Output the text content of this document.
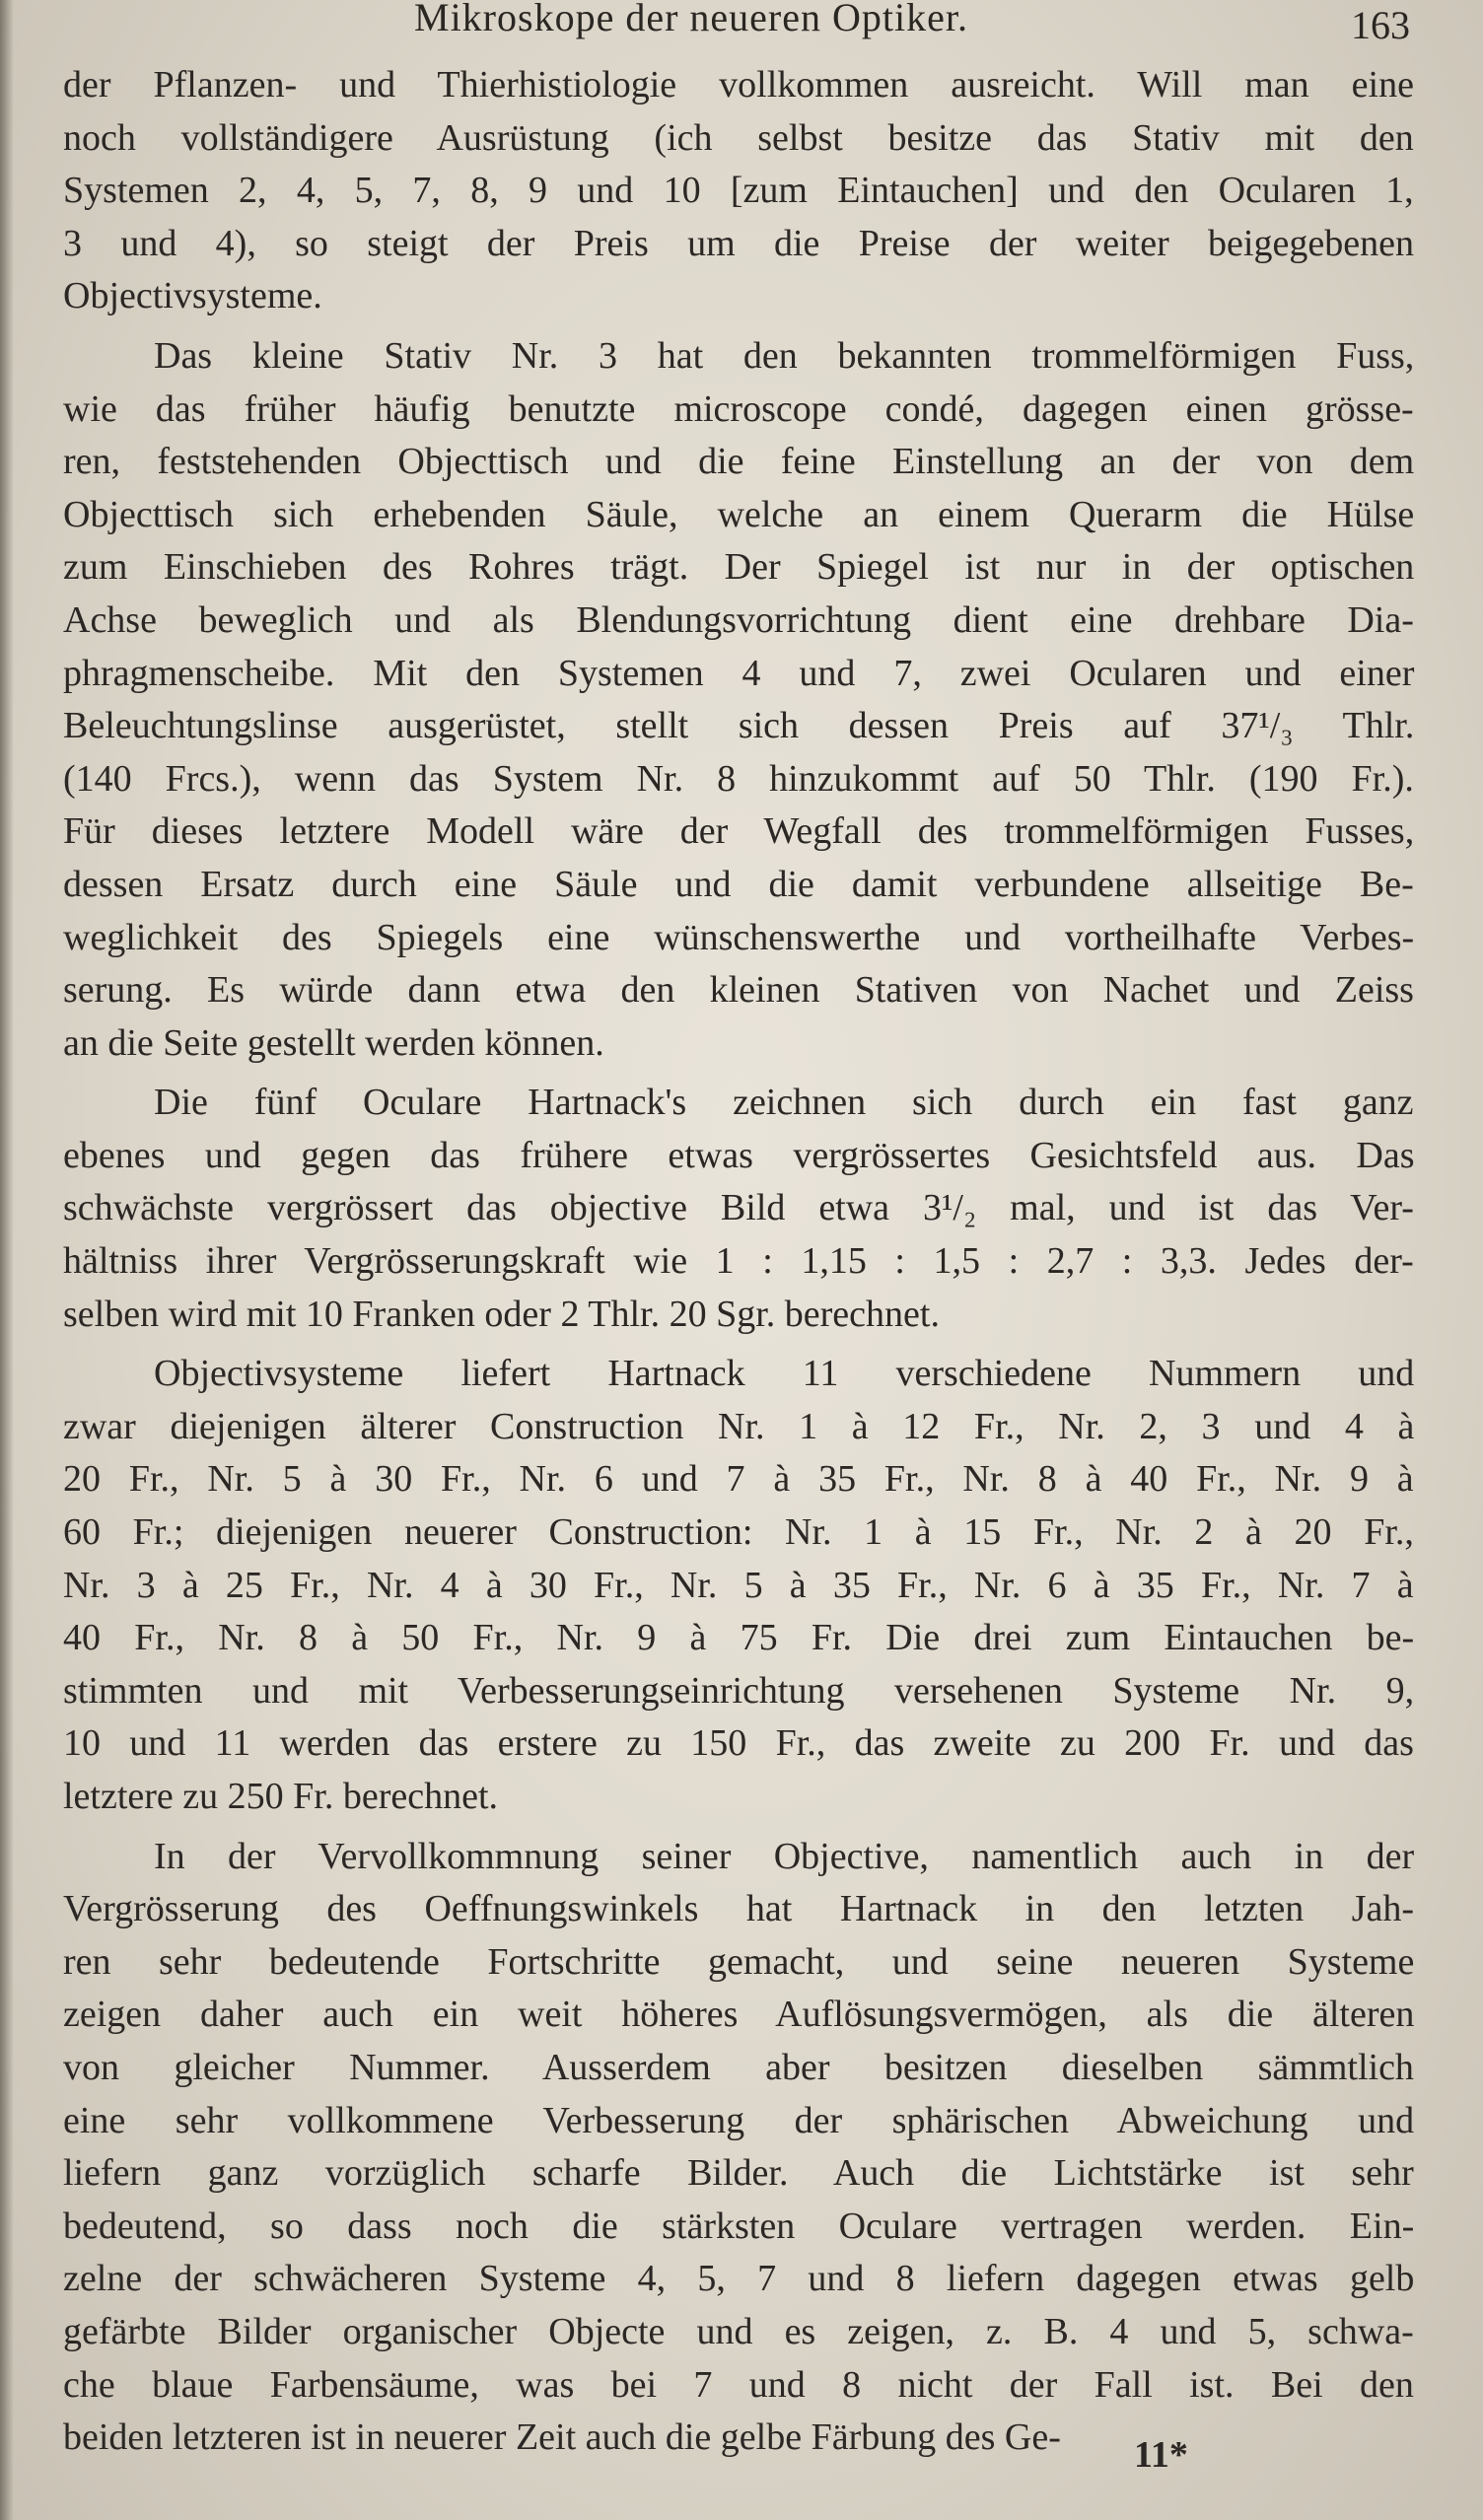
Mikroskope der neueren Optiker.	163
der Pflanzen- und Thierhistiologie vollkommen ausreicht. Will man eine
noch vollständigere Ausrüstung (ich selbst besitze das Stativ mit den
Systemen 2, 4, 5, 7, 8, 9 und 10 [zum Eintauchen] und den Ocularen 1,
3 und 4), so steigt der Preis um die Preise der weiter beigegebenen
Objectivsysteme.
Das kleine Stativ Nr. 3 hat den bekannten trommelförmigen Fuss,
wie das früher häufig benutzte microscope condé, dagegen einen grösse-
ren, feststehenden Objecttisch und die feine Einstellung an der von dem
Objecttisch sich erhebenden Säule, welche an einem Querarm die Hülse
zum Einschieben des Rohres trägt. Der Spiegel ist nur in der optischen
Achse beweglich und als Blendungsvorrichtung dient eine drehbare Dia-
phragmenscheibe. Mit den Systemen 4 und 7, zwei Ocularen und einer
Beleuchtungslinse ausgerüstet, stellt sich dessen Preis auf 37¹/₃ Thlr.
(140 Frcs.), wenn das System Nr. 8 hinzukommt auf 50 Thlr. (190 Fr.).
Für dieses letztere Modell wäre der Wegfall des trommelförmigen Fusses,
dessen Ersatz durch eine Säule und die damit verbundene allseitige Be-
weglichkeit des Spiegels eine wünschenswerthe und vortheilhafte Verbes-
serung. Es würde dann etwa den kleinen Stativen von Nachet und Zeiss
an die Seite gestellt werden können.
Die fünf Oculare Hartnack's zeichnen sich durch ein fast ganz
ebenes und gegen das frühere etwas vergrössertes Gesichtsfeld aus. Das
schwächste vergrössert das objective Bild etwa 3¹/₂ mal, und ist das Ver-
hältniss ihrer Vergrösserungskraft wie 1 : 1,15 : 1,5 : 2,7 : 3,3. Jedes der-
selben wird mit 10 Franken oder 2 Thlr. 20 Sgr. berechnet.
Objectivsysteme liefert Hartnack 11 verschiedene Nummern und
zwar diejenigen älterer Construction Nr. 1 à 12 Fr., Nr. 2, 3 und 4 à
20 Fr., Nr. 5 à 30 Fr., Nr. 6 und 7 à 35 Fr., Nr. 8 à 40 Fr., Nr. 9 à
60 Fr.; diejenigen neuerer Construction: Nr. 1 à 15 Fr., Nr. 2 à 20 Fr.,
Nr. 3 à 25 Fr., Nr. 4 à 30 Fr., Nr. 5 à 35 Fr., Nr. 6 à 35 Fr., Nr. 7 à
40 Fr., Nr. 8 à 50 Fr., Nr. 9 à 75 Fr. Die drei zum Eintauchen be-
stimmten und mit Verbesserungseinrichtung versehenen Systeme Nr. 9,
10 und 11 werden das erstere zu 150 Fr., das zweite zu 200 Fr. und das
letztere zu 250 Fr. berechnet.
In der Vervollkommnung seiner Objective, namentlich auch in der
Vergrösserung des Oeffnungswinkels hat Hartnack in den letzten Jah-
ren sehr bedeutende Fortschritte gemacht, und seine neueren Systeme
zeigen daher auch ein weit höheres Auflösungsvermögen, als die älteren
von gleicher Nummer. Ausserdem aber besitzen dieselben sämmtlich
eine sehr vollkommene Verbesserung der sphärischen Abweichung und
liefern ganz vorzüglich scharfe Bilder. Auch die Lichtstärke ist sehr
bedeutend, so dass noch die stärksten Oculare vertragen werden. Ein-
zelne der schwächeren Systeme 4, 5, 7 und 8 liefern dagegen etwas gelb
gefärbte Bilder organischer Objecte und es zeigen, z. B. 4 und 5, schwa-
che blaue Farbensäume, was bei 7 und 8 nicht der Fall ist. Bei den
beiden letzteren ist in neuerer Zeit auch die gelbe Färbung des Ge-	11*
